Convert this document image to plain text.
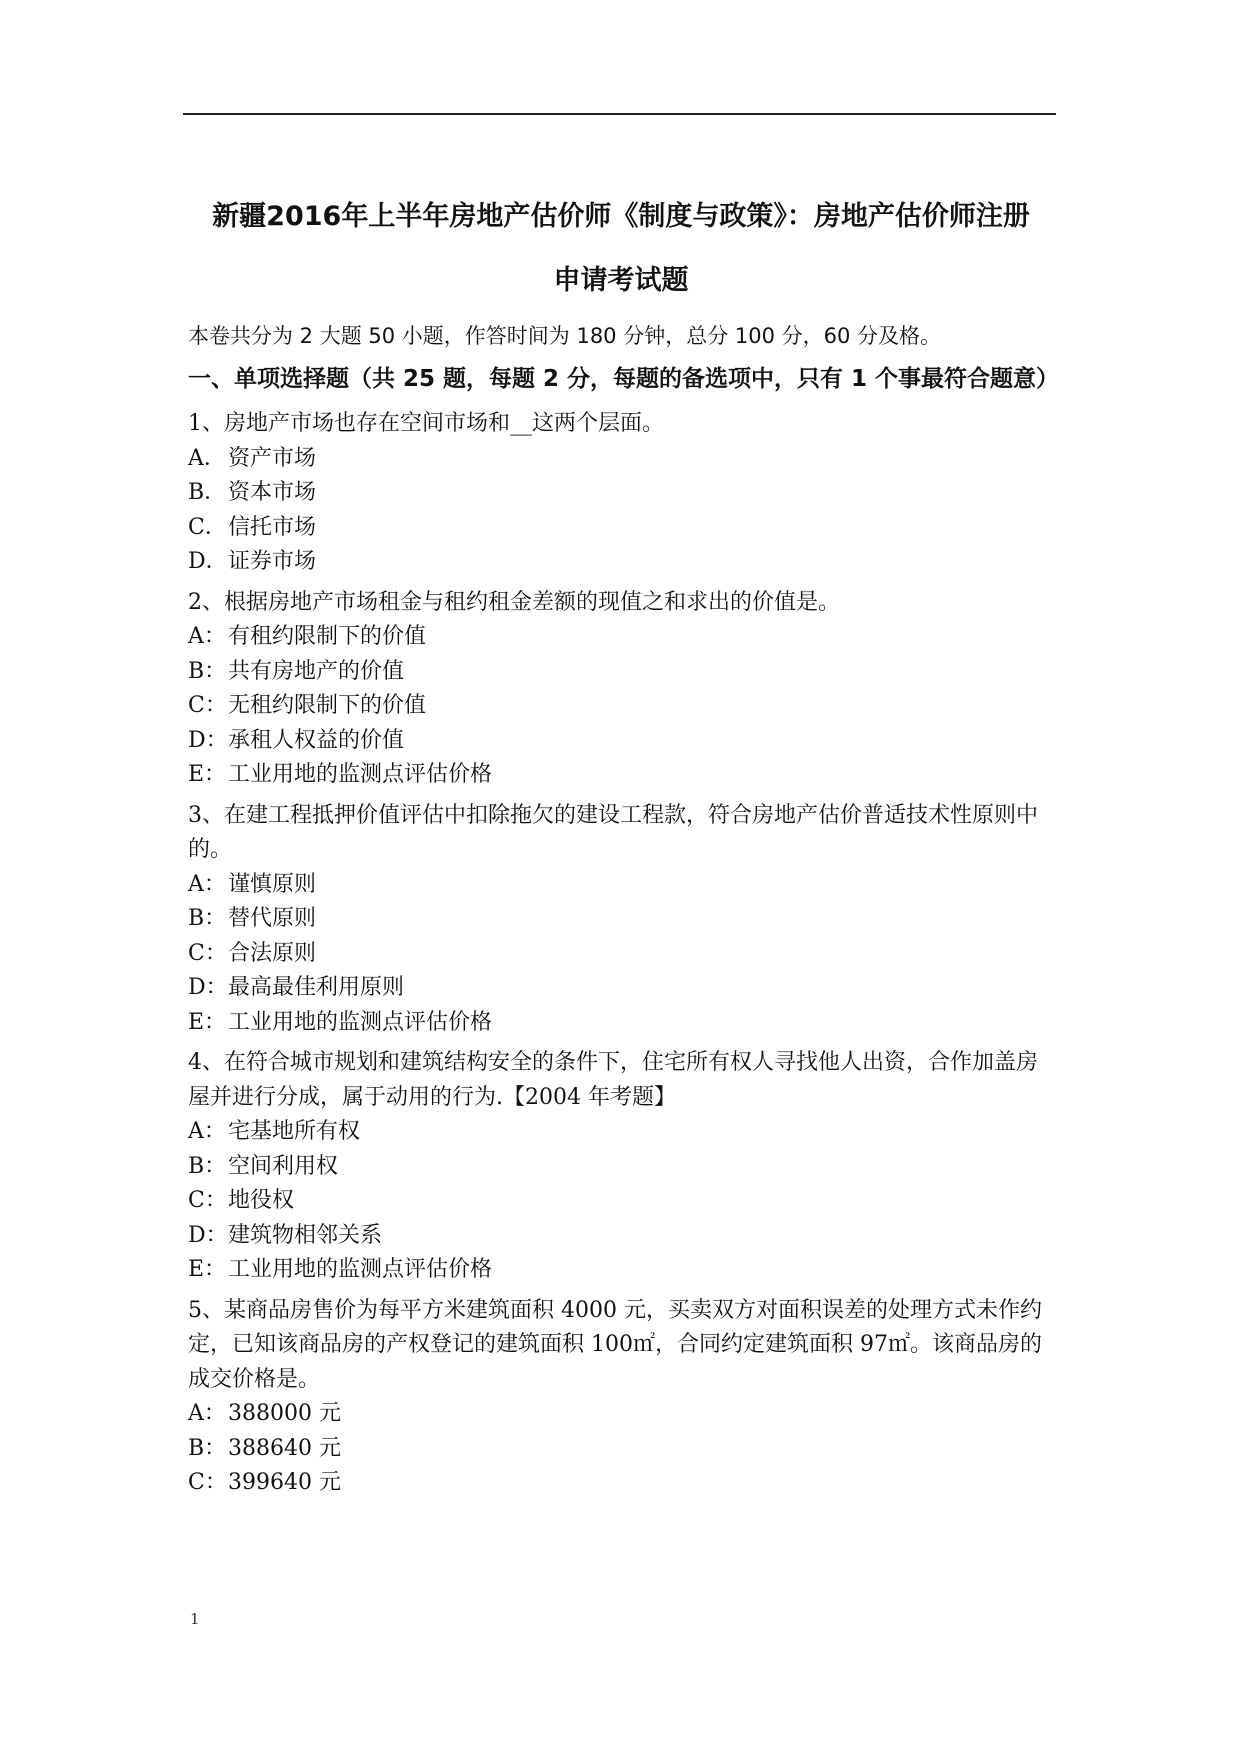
新疆2016年上半年房地产估价师《制度与政策》：房地产估价师注册
申请考试题
本卷共分为 2 大题 50 小题，作答时间为 180 分钟，总分 100 分，60 分及格。
一、单项选择题（共 25 题，每题 2 分，每题的备选项中，只有 1 个事最符合题意）
1、房地产市场也存在空间市场和__这两个层面。
A．资产市场
B．资本市场
C．信托市场
D．证券市场
2、根据房地产市场租金与租约租金差额的现值之和求出的价值是。
A：有租约限制下的价值
B：共有房地产的价值
C：无租约限制下的价值
D：承租人权益的价值
E：工业用地的监测点评估价格
3、在建工程抵押价值评估中扣除拖欠的建设工程款，符合房地产估价普适技术性原则中的。
A：谨慎原则
B：替代原则
C：合法原则
D：最高最佳利用原则
E：工业用地的监测点评估价格
4、在符合城市规划和建筑结构安全的条件下，住宅所有权人寻找他人出资，合作加盖房屋并进行分成，属于动用的行为.【2004 年考题】
A：宅基地所有权
B：空间利用权
C：地役权
D：建筑物相邻关系
E：工业用地的监测点评估价格
5、某商品房售价为每平方米建筑面积 4000 元，买卖双方对面积误差的处理方式未作约定，已知该商品房的产权登记的建筑面积 100㎡，合同约定建筑面积 97㎡。该商品房的成交价格是。
A：388000 元
B：388640 元
C：399640 元
1
